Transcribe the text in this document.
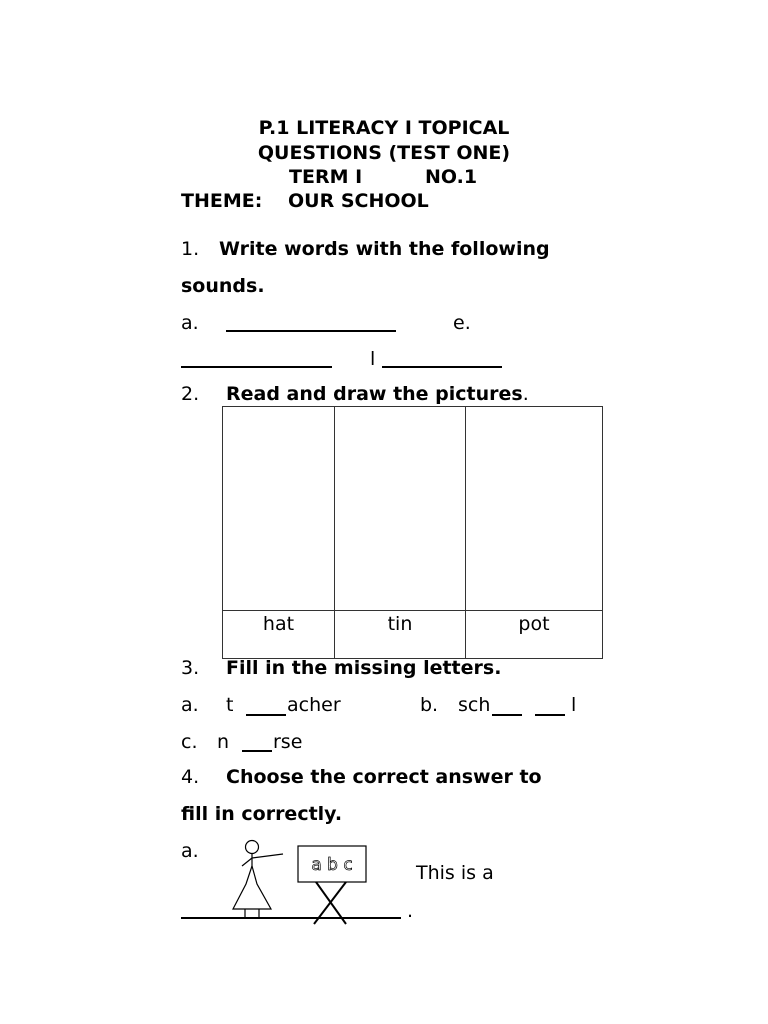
P.1 LITERACY I TOPICAL
QUESTIONS (TEST ONE)
TERM I	NO.1
THEME: OUR SCHOOL
1. Write words with the following
sounds.
a.	e.
l
2. Read and draw the pictures.

hat	tin	pot
3. Fill in the missing letters.
a. t	acher	b. sch	l
c. n rse
4. Choose the correct answer to
fill in correctly.
a.
a b c	This is a
.
